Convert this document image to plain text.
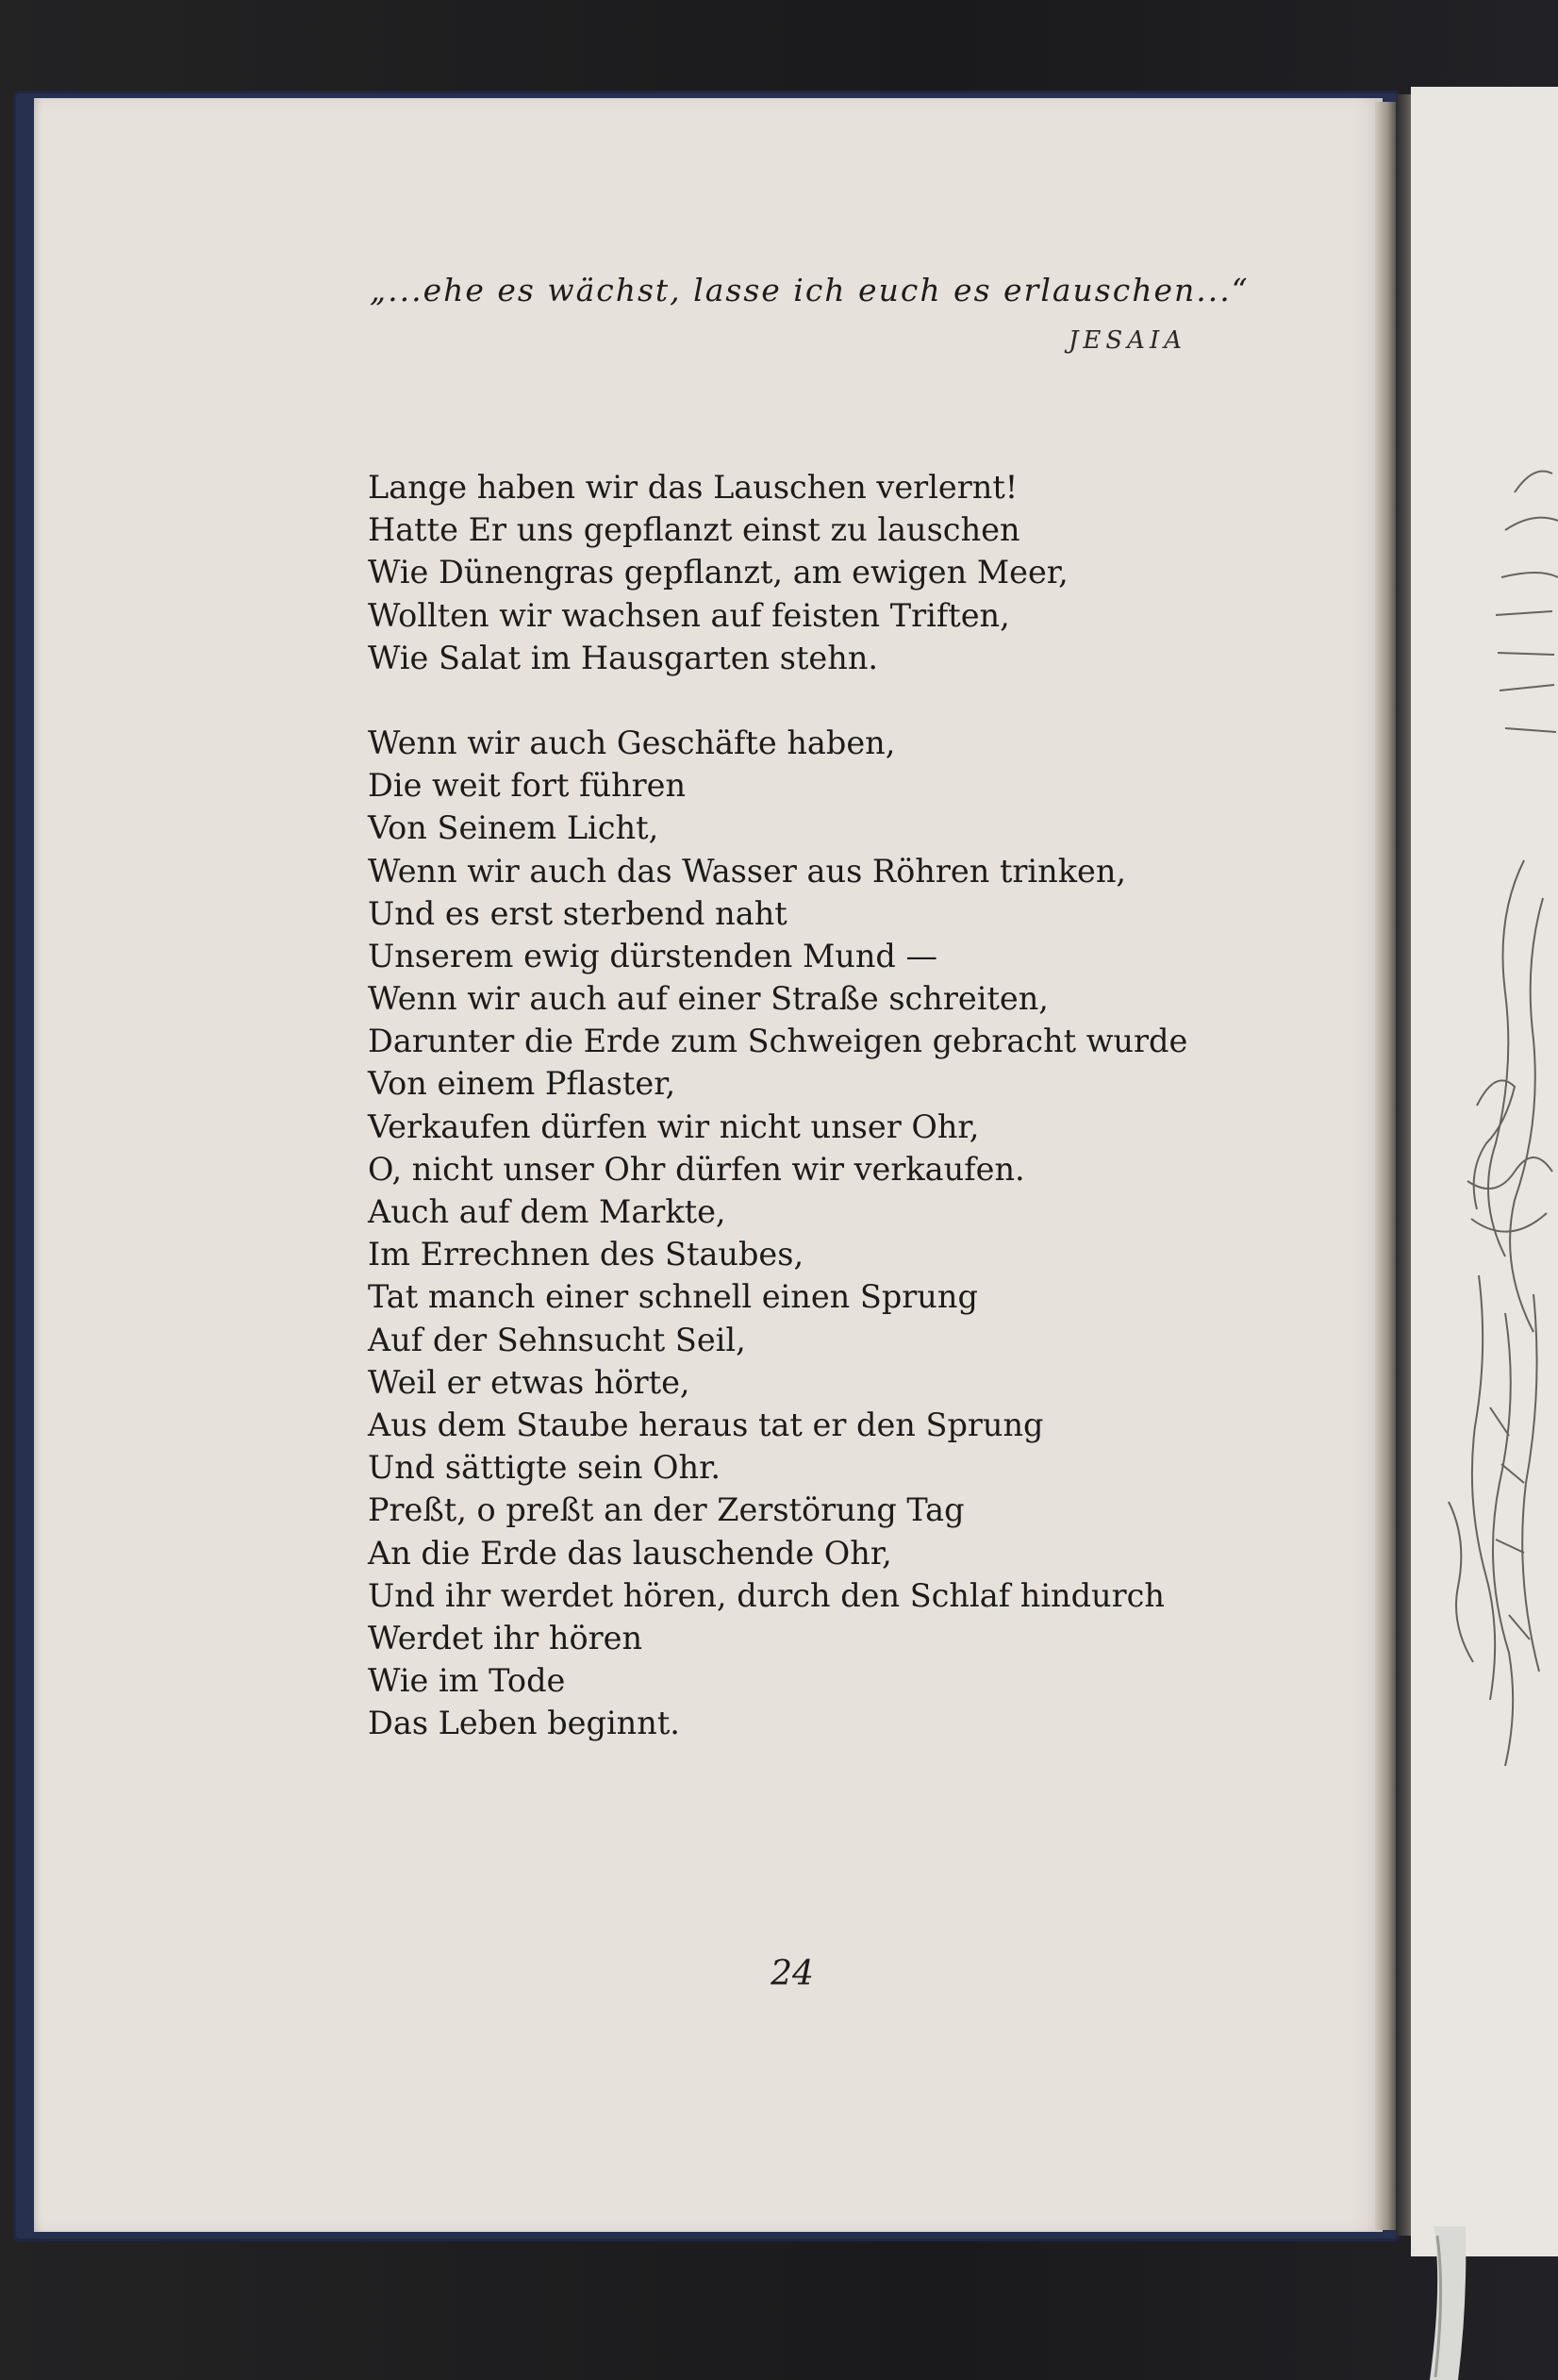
„...ehe es wächst, lasse ich euch es erlauschen...“

JESAIA

Lange haben wir das Lauschen verlernt!
Hatte Er uns gepflanzt einst zu lauschen
Wie Dünengras gepflanzt, am ewigen Meer,
Wollten wir wachsen auf feisten Triften,
Wie Salat im Hausgarten stehn.
Wenn wir auch Geschäfte haben,
Die weit fort führen
Von Seinem Licht,
Wenn wir auch das Wasser aus Röhren trinken,
Und es erst sterbend naht
Unserem ewig dürstenden Mund —
Wenn wir auch auf einer Straße schreiten,
Darunter die Erde zum Schweigen gebracht wurde
Von einem Pflaster,
Verkaufen dürfen wir nicht unser Ohr,
O, nicht unser Ohr dürfen wir verkaufen.
Auch auf dem Markte,
Im Errechnen des Staubes,
Tat manch einer schnell einen Sprung
Auf der Sehnsucht Seil,
Weil er etwas hörte,
Aus dem Staube heraus tat er den Sprung
Und sättigte sein Ohr.
Preßt, o preßt an der Zerstörung Tag
An die Erde das lauschende Ohr,
Und ihr werdet hören, durch den Schlaf hindurch
Werdet ihr hören
Wie im Tode
Das Leben beginnt.

24
